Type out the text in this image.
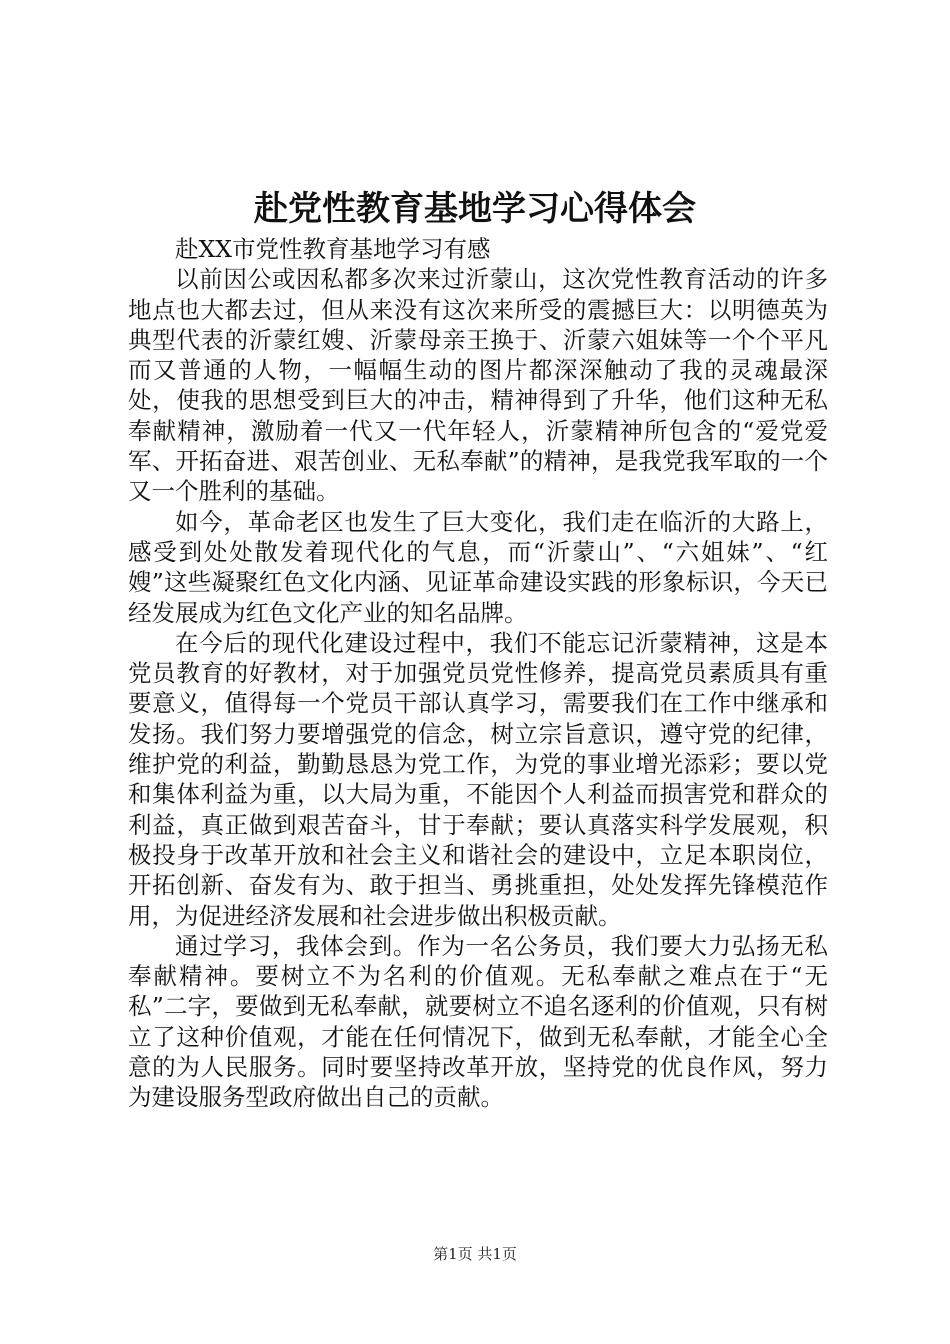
赴党性教育基地学习心得体会

赴XX市党性教育基地学习有感

以前因公或因私都多次来过沂蒙山，这次党性教育活动的许多地点也大都去过，但从来没有这次来所受的震撼巨大：以明德英为典型代表的沂蒙红嫂、沂蒙母亲王换于、沂蒙六姐妹等一个个平凡而又普通的人物，一幅幅生动的图片都深深触动了我的灵魂最深处，使我的思想受到巨大的冲击，精神得到了升华，他们这种无私奉献精神，激励着一代又一代年轻人，沂蒙精神所包含的“爱党爱军、开拓奋进、艰苦创业、无私奉献”的精神，是我党我军取的一个又一个胜利的基础。

如今，革命老区也发生了巨大变化，我们走在临沂的大路上，感受到处处散发着现代化的气息，而“沂蒙山”、“六姐妹”、“红嫂”这些凝聚红色文化内涵、见证革命建设实践的形象标识，今天已经发展成为红色文化产业的知名品牌。

在今后的现代化建设过程中，我们不能忘记沂蒙精神，这是本党员教育的好教材，对于加强党员党性修养，提高党员素质具有重要意义，值得每一个党员干部认真学习，需要我们在工作中继承和发扬。我们努力要增强党的信念，树立宗旨意识，遵守党的纪律，维护党的利益，勤勤恳恳为党工作，为党的事业增光添彩；要以党和集体利益为重，以大局为重，不能因个人利益而损害党和群众的利益，真正做到艰苦奋斗，甘于奉献；要认真落实科学发展观，积极投身于改革开放和社会主义和谐社会的建设中，立足本职岗位，开拓创新、奋发有为、敢于担当、勇挑重担，处处发挥先锋模范作用，为促进经济发展和社会进步做出积极贡献。

通过学习，我体会到。作为一名公务员，我们要大力弘扬无私奉献精神。要树立不为名利的价值观。无私奉献之难点在于“无私”二字，要做到无私奉献，就要树立不追名逐利的价值观，只有树立了这种价值观，才能在任何情况下，做到无私奉献，才能全心全意的为人民服务。同时要坚持改革开放，坚持党的优良作风，努力为建设服务型政府做出自己的贡献。

第1页 共1页
